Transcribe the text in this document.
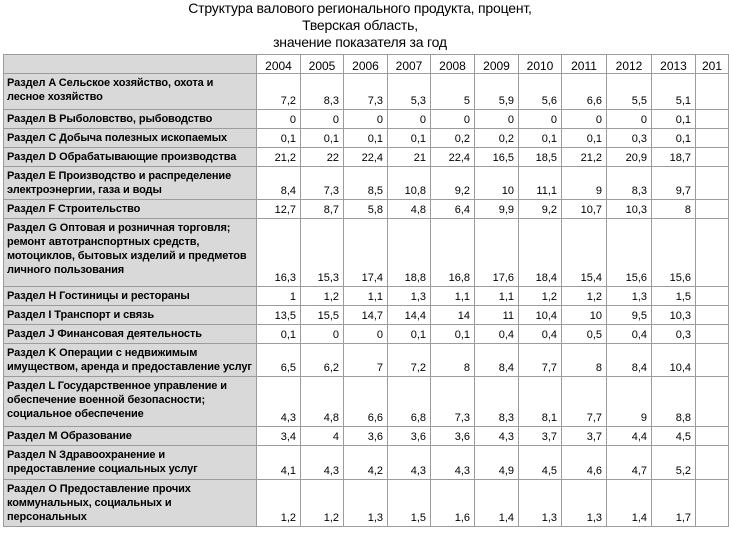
Структура валового регионального продукта, процент,
Тверская область,
значение показателя за год
	2004	2005	2006	2007	2008	2009	2010	2011	2012	2013	201
Раздел A Сельское хозяйство, охота и лесное хозяйство	7,2	8,3	7,3	5,3	5	5,9	5,6	6,6	5,5	5,1	
Раздел B Рыболовство, рыбоводство	0	0	0	0	0	0	0	0	0	0,1	
Раздел C Добыча полезных ископаемых	0,1	0,1	0,1	0,1	0,2	0,2	0,1	0,1	0,3	0,1	
Раздел D Обрабатывающие производства	21,2	22	22,4	21	22,4	16,5	18,5	21,2	20,9	18,7	
Раздел E Производство и распределение электроэнергии, газа и воды	8,4	7,3	8,5	10,8	9,2	10	11,1	9	8,3	9,7	
Раздел F Строительство	12,7	8,7	5,8	4,8	6,4	9,9	9,2	10,7	10,3	8	
Раздел G Оптовая и розничная торговля; ремонт автотранспортных средств, мотоциклов, бытовых изделий и предметов личного пользования	16,3	15,3	17,4	18,8	16,8	17,6	18,4	15,4	15,6	15,6	
Раздел H Гостиницы и рестораны	1	1,2	1,1	1,3	1,1	1,1	1,2	1,2	1,3	1,5	
Раздел I Транспорт и связь	13,5	15,5	14,7	14,4	14	11	10,4	10	9,5	10,3	
Раздел J Финансовая деятельность	0,1	0	0	0,1	0,1	0,4	0,4	0,5	0,4	0,3	
Раздел K Операции с недвижимым имуществом, аренда и предоставление услуг	6,5	6,2	7	7,2	8	8,4	7,7	8	8,4	10,4	
Раздел L Государственное управление и обеспечение военной безопасности; социальное обеспечение	4,3	4,8	6,6	6,8	7,3	8,3	8,1	7,7	9	8,8	
Раздел M Образование	3,4	4	3,6	3,6	3,6	4,3	3,7	3,7	4,4	4,5	
Раздел N Здравоохранение и предоставление социальных услуг	4,1	4,3	4,2	4,3	4,3	4,9	4,5	4,6	4,7	5,2	
Раздел O Предоставление прочих коммунальных, социальных и персональных	1,2	1,2	1,3	1,5	1,6	1,4	1,3	1,3	1,4	1,7	
